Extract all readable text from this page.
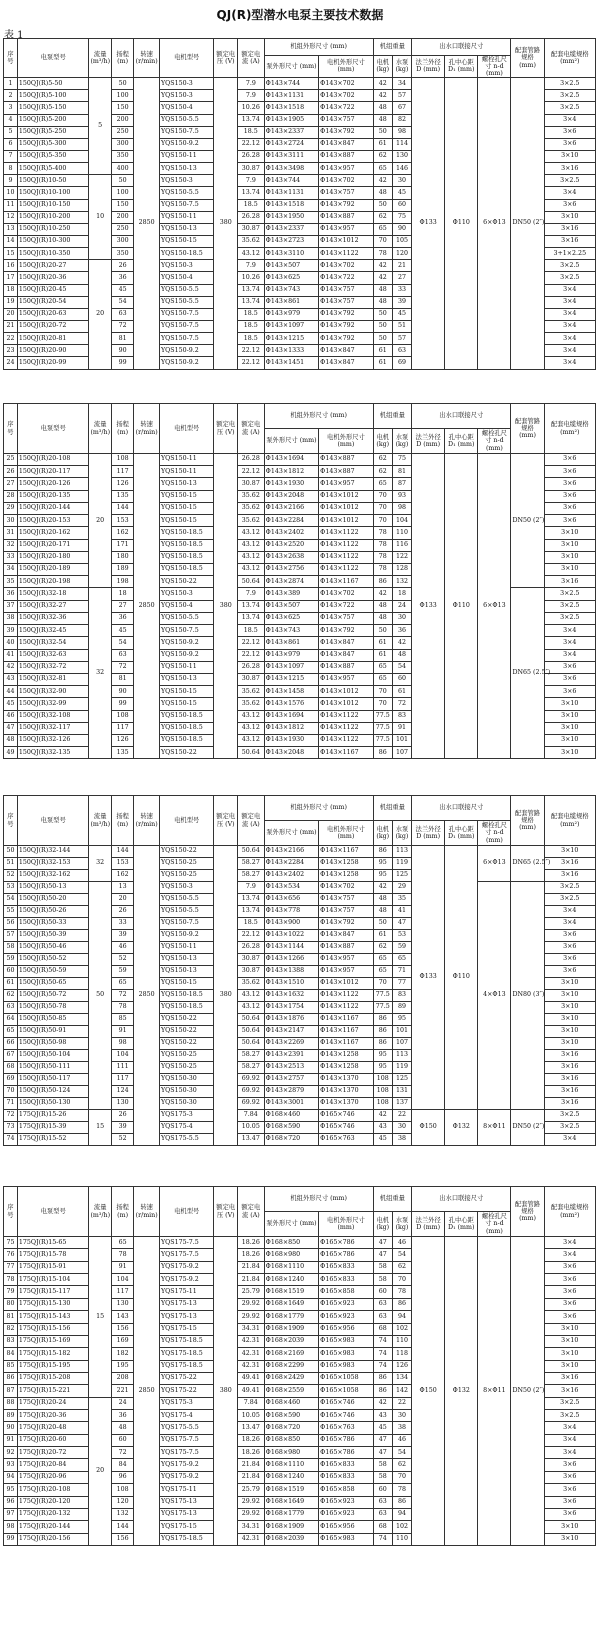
QJ(R)型潜水电泵主要技术数据
表 1
序号	电泵型号	流量 (m³/h)	扬程 (m)	转速 (r/min)	电机型号	额定电压 (V)	额定电流 (A)	机组外形尺寸 (mm)		机组重量		出水口联接尺寸			配套管路规格 (mm)	配套电缆规格 (mm²)
								泵外形尺寸 (mm)	电机外形尺寸 (mm)	电机 (kg)	水泵 (kg)	法兰外径 D (mm)	孔中心距 D₁ (mm)	螺栓孔尺寸 n-d (mm)		
1	150QJ(R)5-50	5	50	2850	YQS150-3	380	7.9	Φ143×744	Φ143×702	42	34	Φ133	Φ110	6×Φ13	DN50 (2″)	3×2.5
2	150QJ(R)5-100		100		YQS150-3		7.9	Φ143×1131	Φ143×702	42	57					3×2.5
3	150QJ(R)5-150		150		YQS150-4		10.26	Φ143×1518	Φ143×722	48	67					3×2.5
4	150QJ(R)5-200		200		YQS150-5.5		13.74	Φ143×1905	Φ143×757	48	82					3×4
5	150QJ(R)5-250		250		YQS150-7.5		18.5	Φ143×2337	Φ143×792	50	98					3×6
6	150QJ(R)5-300		300		YQS150-9.2		22.12	Φ143×2724	Φ143×847	61	114					3×6
7	150QJ(R)5-350		350		YQS150-11		26.28	Φ143×3111	Φ143×887	62	130					3×10
8	150QJ(R)5-400		400		YQS150-13		30.87	Φ143×3498	Φ143×957	65	146					3×16
9	150QJ(R)10-50	10	50		YQS150-3		7.9	Φ143×744	Φ143×702	42	30					3×2.5
10	150QJ(R)10-100		100		YQS150-5.5		13.74	Φ143×1131	Φ143×757	48	45					3×4
11	150QJ(R)10-150		150		YQS150-7.5		18.5	Φ143×1518	Φ143×792	50	60					3×6
12	150QJ(R)10-200		200		YQS150-11		26.28	Φ143×1950	Φ143×887	62	75					3×10
13	150QJ(R)10-250		250		YQS150-13		30.87	Φ143×2337	Φ143×957	65	90					3×16
14	150QJ(R)10-300		300		YQS150-15		35.62	Φ143×2723	Φ143×1012	70	105					3×16
15	150QJ(R)10-350		350		YQS150-18.5		43.12	Φ143×3110	Φ143×1122	78	120					3+1×2.25
16	150QJ(R)20-27	20	26		YQS150-3		7.9	Φ143×507	Φ143×702	42	21					3×2.5
17	150QJ(R)20-36		36		YQS150-4		10.26	Φ143×625	Φ143×722	42	27					3×2.5
18	150QJ(R)20-45		45		YQS150-5.5		13.74	Φ143×743	Φ143×757	48	33					3×4
19	150QJ(R)20-54		54		YQS150-5.5		13.74	Φ143×861	Φ143×757	48	39					3×4
20	150QJ(R)20-63		63		YQS150-7.5		18.5	Φ143×979	Φ143×792	50	45					3×4
21	150QJ(R)20-72		72		YQS150-7.5		18.5	Φ143×1097	Φ143×792	50	51					3×4
22	150QJ(R)20-81		81		YQS150-7.5		18.5	Φ143×1215	Φ143×792	50	57					3×4
23	150QJ(R)20-90		90		YQS150-9.2		22.12	Φ143×1333	Φ143×847	61	63					3×4
24	150QJ(R)20-99		99		YQS150-9.2		22.12	Φ143×1451	Φ143×847	61	69					3×4
序号	电泵型号	流量 (m³/h)	扬程 (m)	转速 (r/min)	电机型号	额定电压 (V)	额定电流 (A)	机组外形尺寸 (mm)		机组重量		出水口联接尺寸			配套管路规格 (mm)	配套电缆规格 (mm²)
								泵外形尺寸 (mm)	电机外形尺寸 (mm)	电机 (kg)	水泵 (kg)	法兰外径 D (mm)	孔中心距 D₁ (mm)	螺栓孔尺寸 n-d (mm)		
25	150QJ(R)20-108	20	108	2850	YQS150-11	380	26.28	Φ143×1694	Φ143×887	62	75	Φ133	Φ110	6×Φ13	DN50 (2″)	3×6
26	150QJ(R)20-117		117		YQS150-11		22.12	Φ143×1812	Φ143×887	62	81					3×6
27	150QJ(R)20-126		126		YQS150-13		30.87	Φ143×1930	Φ143×957	65	87					3×6
28	150QJ(R)20-135		135		YQS150-15		35.62	Φ143×2048	Φ143×1012	70	93					3×6
29	150QJ(R)20-144		144		YQS150-15		35.62	Φ143×2166	Φ143×1012	70	98					3×6
30	150QJ(R)20-153		153		YQS150-15		35.62	Φ143×2284	Φ143×1012	70	104					3×6
31	150QJ(R)20-162		162		YQS150-18.5		43.12	Φ143×2402	Φ143×1122	78	110					3×10
32	150QJ(R)20-171		171		YQS150-18.5		43.12	Φ143×2520	Φ143×1122	78	116					3×10
33	150QJ(R)20-180		180		YQS150-18.5		43.12	Φ143×2638	Φ143×1122	78	122					3×10
34	150QJ(R)20-189		189		YQS150-18.5		43.12	Φ143×2756	Φ143×1122	78	128					3×10
35	150QJ(R)20-198		198		YQS150-22		50.64	Φ143×2874	Φ143×1167	86	132					3×16
36	150QJ(R)32-18	32	18		YQS150-3		7.9	Φ143×389	Φ143×702	42	18				DN65 (2.5″)	3×2.5
37	150QJ(R)32-27		27		YQS150-4		13.74	Φ143×507	Φ143×722	48	24					3×2.5
38	150QJ(R)32-36		36		YQS150-5.5		13.74	Φ143×625	Φ143×757	48	30					3×2.5
39	150QJ(R)32-45		45		YQS150-7.5		18.5	Φ143×743	Φ143×792	50	36					3×4
40	150QJ(R)32-54		54		YQS150-9.2		22.12	Φ143×861	Φ143×847	61	42					3×4
41	150QJ(R)32-63		63		YQS150-9.2		22.12	Φ143×979	Φ143×847	61	48					3×4
42	150QJ(R)32-72		72		YQS150-11		26.28	Φ143×1097	Φ143×887	65	54					3×6
43	150QJ(R)32-81		81		YQS150-13		30.87	Φ143×1215	Φ143×957	65	60					3×6
44	150QJ(R)32-90		90		YQS150-15		35.62	Φ143×1458	Φ143×1012	70	61					3×6
45	150QJ(R)32-99		99		YQS150-15		35.62	Φ143×1576	Φ143×1012	70	72					3×10
46	150QJ(R)32-108		108		YQS150-18.5		43.12	Φ143×1694	Φ143×1122	77.5	83					3×10
47	150QJ(R)32-117		117		YQS150-18.5		43.12	Φ143×1812	Φ143×1122	77.5	91					3×10
48	150QJ(R)32-126		126		YQS150-18.5		43.12	Φ143×1930	Φ143×1122	77.5	101					3×10
49	150QJ(R)32-135		135		YQS150-22		50.64	Φ143×2048	Φ143×1167	86	107					3×10
序号	电泵型号	流量 (m³/h)	扬程 (m)	转速 (r/min)	电机型号	额定电压 (V)	额定电流 (A)	机组外形尺寸 (mm)		机组重量		出水口联接尺寸			配套管路规格 (mm)	配套电缆规格 (mm²)
								泵外形尺寸 (mm)	电机外形尺寸 (mm)	电机 (kg)	水泵 (kg)	法兰外径 D (mm)	孔中心距 D₁ (mm)	螺栓孔尺寸 n-d (mm)		
50	150QJ(R)32-144	32	144	2850	YQS150-22	380	50.64	Φ143×2166	Φ143×1167	86	113	Φ133	Φ110	6×Φ13	DN65 (2.5″)	3×10
51	150QJ(R)32-153		153		YQS150-25		58.27	Φ143×2284	Φ143×1258	95	119					3×16
52	150QJ(R)32-162		162		YQS150-25		58.27	Φ143×2402	Φ143×1258	95	125					3×16
53	150QJ(R)50-13	50	13		YQS150-3		7.9	Φ143×534	Φ143×702	42	29			4×Φ13	DN80 (3″)	3×2.5
54	150QJ(R)50-20		20		YQS150-5.5		13.74	Φ143×656	Φ143×757	48	35					3×2.5
55	150QJ(R)50-26		26		YQS150-5.5		13.74	Φ143×778	Φ143×757	48	41					3×4
56	150QJ(R)50-33		33		YQS150-7.5		18.5	Φ143×900	Φ143×792	50	47					3×4
57	150QJ(R)50-39		39		YQS150-9.2		22.12	Φ143×1022	Φ143×847	61	53					3×6
58	150QJ(R)50-46		46		YQS150-11		26.28	Φ143×1144	Φ143×887	62	59					3×6
59	150QJ(R)50-52		52		YQS150-13		30.87	Φ143×1266	Φ143×957	65	65					3×6
60	150QJ(R)50-59		59		YQS150-13		30.87	Φ143×1388	Φ143×957	65	71					3×6
61	150QJ(R)50-65		65		YQS150-15		35.62	Φ143×1510	Φ143×1012	70	77					3×10
62	150QJ(R)50-72		72		YQS150-18.5		43.12	Φ143×1632	Φ143×1122	77.5	83					3×10
63	150QJ(R)50-78		78		YQS150-18.5		43.12	Φ143×1754	Φ143×1122	77.5	89					3×10
64	150QJ(R)50-85		85		YQS150-22		50.64	Φ143×1876	Φ143×1167	86	95					3×10
65	150QJ(R)50-91		91		YQS150-22		50.64	Φ143×2147	Φ143×1167	86	101					3×10
66	150QJ(R)50-98		98		YQS150-22		50.64	Φ143×2269	Φ143×1167	86	107					3×10
67	150QJ(R)50-104		104		YQS150-25		58.27	Φ143×2391	Φ143×1258	95	113					3×16
68	150QJ(R)50-111		111		YQS150-25		58.27	Φ143×2513	Φ143×1258	95	119					3×16
69	150QJ(R)50-117		117		YQS150-30		69.92	Φ143×2757	Φ143×1370	108	125					3×16
70	150QJ(R)50-124		124		YQS150-30		69.92	Φ143×2879	Φ143×1370	108	131					3×16
71	150QJ(R)50-130		130		YQS150-30		69.92	Φ143×3001	Φ143×1370	108	137					3×16
72	175QJ(R)15-26	15	26		YQS175-3		7.84	Φ168×460	Φ165×746	42	22	Φ150	Φ132	8×Φ11	DN50 (2″)	3×2.5
73	175QJ(R)15-39		39		YQS175-4		10.05	Φ168×590	Φ165×746	43	30					3×2.5
74	175QJ(R)15-52		52		YQS175-5.5		13.47	Φ168×720	Φ165×763	45	38					3×4
序号	电泵型号	流量 (m³/h)	扬程 (m)	转速 (r/min)	电机型号	额定电压 (V)	额定电流 (A)	机组外形尺寸 (mm)		机组重量		出水口联接尺寸			配套管路规格 (mm)	配套电缆规格 (mm²)
								泵外形尺寸 (mm)	电机外形尺寸 (mm)	电机 (kg)	水泵 (kg)	法兰外径 D (mm)	孔中心距 D₁ (mm)	螺栓孔尺寸 n-d (mm)		
75	175QJ(R)15-65	15	65	2850	YQS175-7.5	380	18.26	Φ168×850	Φ165×786	47	46	Φ150	Φ132	8×Φ11	DN50 (2″)	3×4
76	175QJ(R)15-78		78		YQS175-7.5		18.26	Φ168×980	Φ165×786	47	54					3×4
77	175QJ(R)15-91		91		YQS175-9.2		21.84	Φ168×1110	Φ165×833	58	62					3×6
78	175QJ(R)15-104		104		YQS175-9.2		21.84	Φ168×1240	Φ165×833	58	70					3×6
79	175QJ(R)15-117		117		YQS175-11		25.79	Φ168×1519	Φ165×858	60	78					3×6
80	175QJ(R)15-130		130		YQS175-13		29.92	Φ168×1649	Φ165×923	63	86					3×6
81	175QJ(R)15-143		143		YQS175-13		29.92	Φ168×1779	Φ165×923	63	94					3×6
82	175QJ(R)15-156		156		YQS175-15		34.31	Φ168×1909	Φ165×956	68	102					3×10
83	175QJ(R)15-169		169		YQS175-18.5		42.31	Φ168×2039	Φ165×983	74	110					3×10
84	175QJ(R)15-182		182		YQS175-18.5		42.31	Φ168×2169	Φ165×983	74	118					3×10
85	175QJ(R)15-195		195		YQS175-18.5		42.31	Φ168×2299	Φ165×983	74	126					3×10
86	175QJ(R)15-208		208		YQS175-22		49.41	Φ168×2429	Φ165×1058	86	134					3×16
87	175QJ(R)15-221		221		YQS175-22		49.41	Φ168×2559	Φ165×1058	86	142					3×16
88	175QJ(R)20-24	20	24		YQS175-3		7.84	Φ168×460	Φ165×746	42	22					3×2.5
89	175QJ(R)20-36		36		YQS175-4		10.05	Φ168×590	Φ165×746	43	30					3×2.5
90	175QJ(R)20-48		48		YQS175-5.5		13.47	Φ168×720	Φ165×763	45	38					3×4
91	175QJ(R)20-60		60		YQS175-7.5		18.26	Φ168×850	Φ165×786	47	46					3×4
92	175QJ(R)20-72		72		YQS175-7.5		18.26	Φ168×980	Φ165×786	47	54					3×4
93	175QJ(R)20-84		84		YQS175-9.2		21.84	Φ168×1110	Φ165×833	58	62					3×6
94	175QJ(R)20-96		96		YQS175-9.2		21.84	Φ168×1240	Φ165×833	58	70					3×6
95	175QJ(R)20-108		108		YQS175-11		25.79	Φ168×1519	Φ165×858	60	78					3×6
96	175QJ(R)20-120		120		YQS175-13		29.92	Φ168×1649	Φ165×923	63	86					3×6
97	175QJ(R)20-132		132		YQS175-13		29.92	Φ168×1779	Φ165×923	63	94					3×6
98	175QJ(R)20-144		144		YQS175-15		34.31	Φ168×1909	Φ165×956	68	102					3×10
99	175QJ(R)20-156		156		YQS175-18.5		42.31	Φ168×2039	Φ165×983	74	110					3×10
